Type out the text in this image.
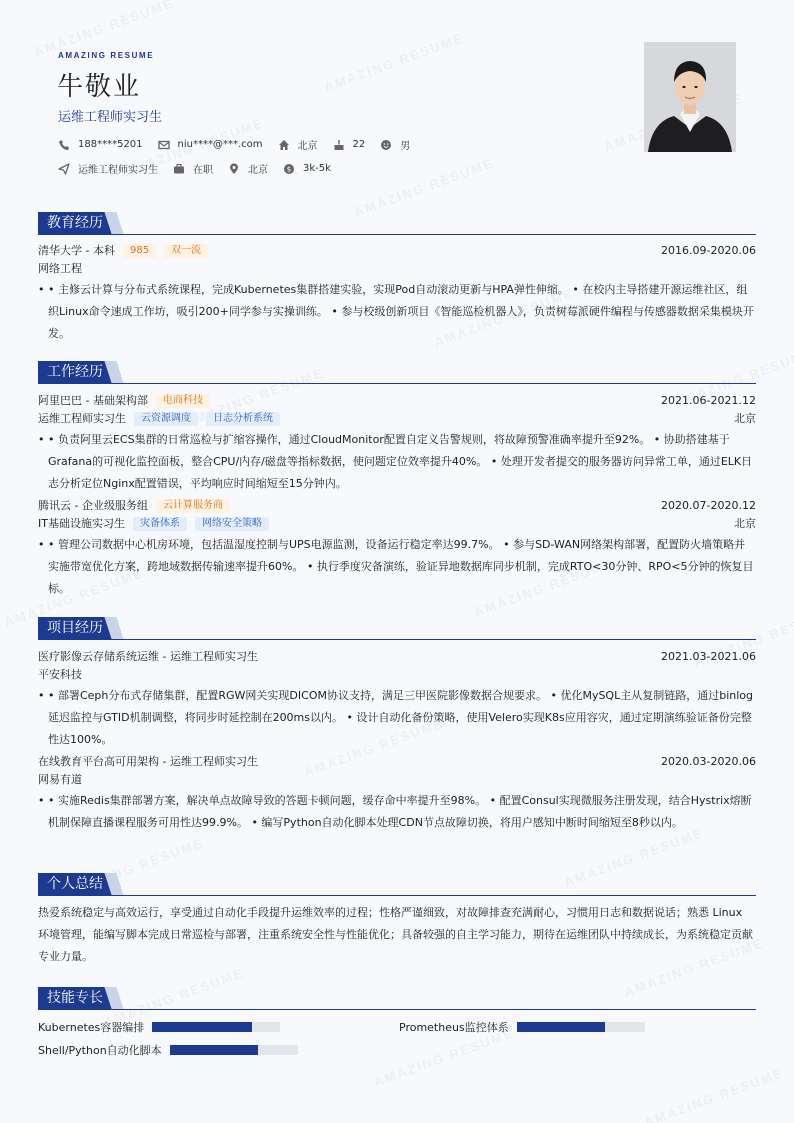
AMAZING RESUME
牛敬业
运维工程师实习生
188****5201	niu****@***.com	北京	22	男
运维工程师实习生	在职	北京	$ 3k-5k
教育经历
清华大学 - 本科	985	双一流	2016.09-2020.06
网络工程
• • 主修云计算与分布式系统课程，完成Kubernetes集群搭建实验，实现Pod自动滚动更新与HPA弹性伸缩。 • 在校内主导搭建开源运维社区，组织Linux命令速成工作坊，吸引200+同学参与实操训练。 • 参与校级创新项目《智能巡检机器人》，负责树莓派硬件编程与传感器数据采集模块开发。
工作经历
阿里巴巴 - 基础架构部	电商科技	2021.06-2021.12
运维工程师实习生	云资源调度	日志分析系统	北京
• • 负责阿里云ECS集群的日常巡检与扩缩容操作，通过CloudMonitor配置自定义告警规则，将故障预警准确率提升至92%。 • 协助搭建基于Grafana的可视化监控面板，整合CPU/内存/磁盘等指标数据，使问题定位效率提升40%。 • 处理开发者提交的服务器访问异常工单，通过ELK日志分析定位Nginx配置错误，平均响应时间缩短至15分钟内。
腾讯云 - 企业级服务组	云计算服务商	2020.07-2020.12
IT基础设施实习生	灾备体系	网络安全策略	北京
• • 管理公司数据中心机房环境，包括温湿度控制与UPS电源监测，设备运行稳定率达99.7%。 • 参与SD-WAN网络架构部署，配置防火墙策略并实施带宽优化方案，跨地域数据传输速率提升60%。 • 执行季度灾备演练，验证异地数据库同步机制，完成RTO<30分钟、RPO<5分钟的恢复目标。
项目经历
医疗影像云存储系统运维 - 运维工程师实习生	2021.03-2021.06
平安科技
• • 部署Ceph分布式存储集群，配置RGW网关实现DICOM协议支持，满足三甲医院影像数据合规要求。 • 优化MySQL主从复制链路，通过binlog延迟监控与GTID机制调整，将同步时延控制在200ms以内。 • 设计自动化备份策略，使用Velero实现K8s应用容灾，通过定期演练验证备份完整性达100%。
在线教育平台高可用架构 - 运维工程师实习生	2020.03-2020.06
网易有道
• • 实施Redis集群部署方案，解决单点故障导致的答题卡顿问题，缓存命中率提升至98%。 • 配置Consul实现微服务注册发现，结合Hystrix熔断机制保障直播课程服务可用性达99.9%。 • 编写Python自动化脚本处理CDN节点故障切换，将用户感知中断时间缩短至8秒以内。
个人总结
热爱系统稳定与高效运行，享受通过自动化手段提升运维效率的过程；性格严谨细致，对故障排查充满耐心，习惯用日志和数据说话；熟悉 Linux 环境管理，能编写脚本完成日常巡检与部署，注重系统安全性与性能优化；具备较强的自主学习能力，期待在运维团队中持续成长，为系统稳定贡献专业力量。
技能专长
Kubernetes容器编排	Prometheus监控体系
Shell/Python自动化脚本
